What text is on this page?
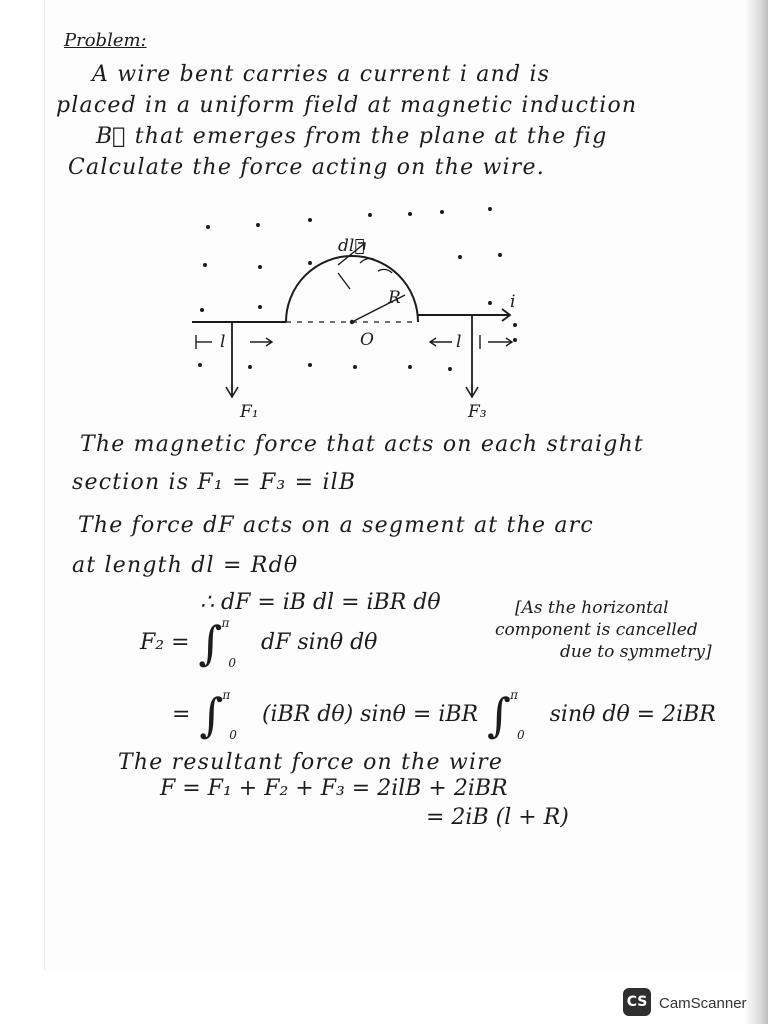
Problem:
A wire bent carries a current i and is
placed in a uniform field at magnetic induction
B⃗ that emerges from the plane at the fig
Calculate the force acting on the wire.
dl⃗
R
O
i
l	l
F₁	F₃
The magnetic force that acts on each straight
section is F₁ = F₃ = ilB
The force dF acts on a segment at the arc
at length dl = Rdθ
∴ dF = iB dl = iBR dθ	[As the horizontal
component is cancelled
due to symmetry]
F₂ = ∫ $^\pi$ $_0$ dF sinθ dθ
= ∫ $^\pi$ $_0$ (iBR dθ) sinθ = iBR ∫ $^\pi$ $_0$ sinθ dθ = 2iBR
The resultant force on the wire
F = F₁ + F₂ + F₃ = 2ilB + 2iBR
= 2iB (l + R)
CS CamScanner
